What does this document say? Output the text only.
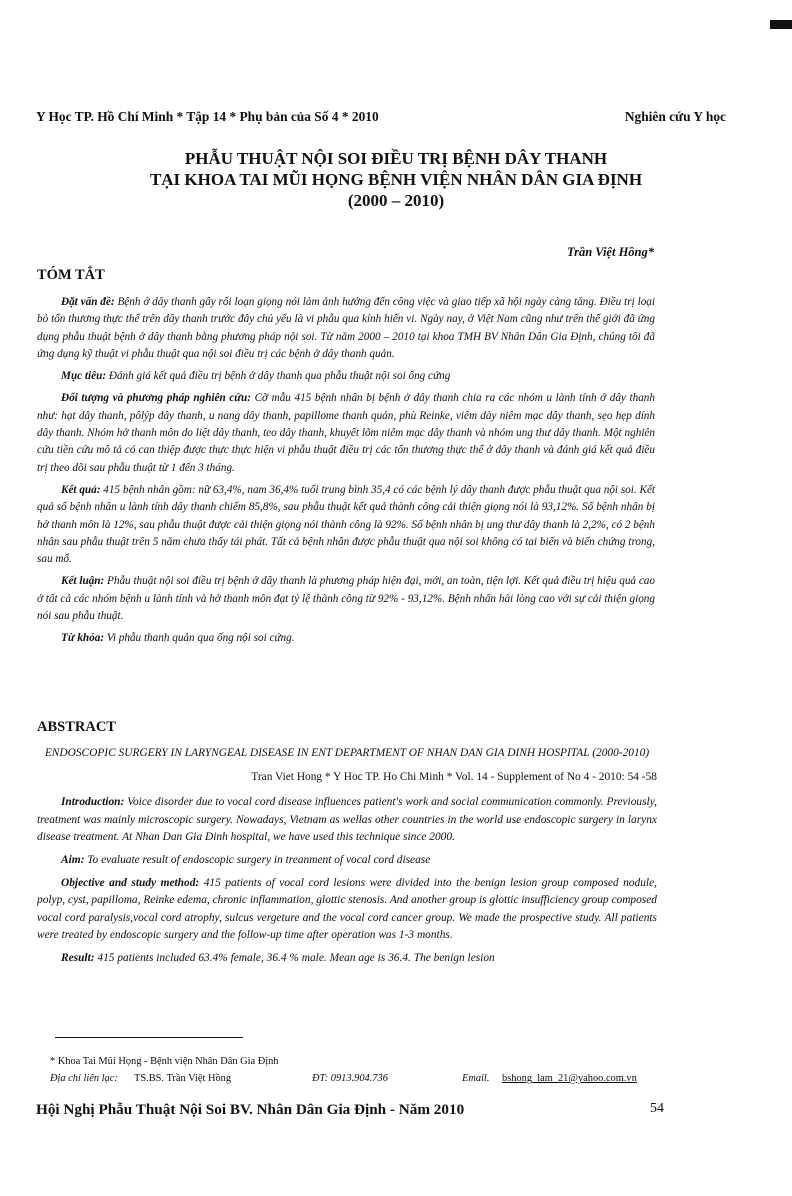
Y Học TP. Hồ Chí Minh * Tập 14 * Phụ bản của Số 4 * 2010	Nghiên cứu Y học
PHẪU THUẬT NỘI SOI ĐIỀU TRỊ BỆNH DÂY THANH
TẠI KHOA TAI MŨI HỌNG BỆNH VIỆN NHÂN DÂN GIA ĐỊNH
(2000 – 2010)
Trần Việt Hồng*
TÓM TẮT

Đặt vấn đề: Bệnh ở dây thanh gây rối loạn giọng nói làm ảnh hưởng đến công việc và giao tiếp xã hội ngày càng tăng. Điều trị loại bỏ tổn thương thực thể trên dây thanh trước đây chủ yếu là vi phẫu qua kính hiển vi. Ngày nay, ở Việt Nam cũng như trên thế giới đã ứng dụng phẫu thuật bệnh ở dây thanh bằng phương pháp nội soi. Từ năm 2000 – 2010 tại khoa TMH BV Nhân Dân Gia Định, chúng tôi đã ứng dụng kỹ thuật vi phẫu thuật qua nội soi điều trị các bệnh ở dây thanh quản.

Mục tiêu: Đánh giá kết quả điều trị bệnh ở dây thanh qua phẫu thuật nội soi ống cứng

Đối tượng và phương pháp nghiên cứu: Cỡ mẫu 415 bệnh nhân bị bệnh ở dây thanh chia ra các nhóm u lành tính ở dây thanh như: hạt dây thanh, pôlýp dây thanh, u nang dây thanh, papillome thanh quản, phù Reinke, viêm dày niêm mạc dây thanh, sẹo hẹp dính dây thanh. Nhóm hở thanh môn do liệt dây thanh, teo dây thanh, khuyết lõm niêm mạc dây thanh và nhóm ung thư dây thanh. Một nghiên cứu tiền cứu mô tả có can thiệp được thực thực hiện vi phẫu thuật điều trị các tổn thương thực thể ở dây thanh và đánh giá kết quả điều trị theo dõi sau phẫu thuật từ 1 đến 3 tháng.

Kết quả: 415 bệnh nhân gồm: nữ 63,4%, nam 36,4% tuổi trung bình 35,4 có các bệnh lý dây thanh được phẫu thuật qua nội soi. Kết quả số bệnh nhân u lành tính dây thanh chiếm 85,8%, sau phẫu thuật kết quả thành công cải thiện giọng nói là 93,12%. Số bệnh nhân bị hở thanh môn là 12%, sau phẫu thuật được cải thiện giọng nói thành công là 92%. Số bệnh nhân bị ung thư dây thanh là 2,2%, có 2 bệnh nhân sau phẫu thuật trên 5 năm chưa thấy tái phát. Tất cả bệnh nhân được phẫu thuật qua nội soi không có tai biến và biến chứng trong, sau mổ.

Kết luận: Phẫu thuật nội soi điều trị bệnh ở dây thanh là phương pháp hiện đại, mới, an toàn, tiện lợi. Kết quả điều trị hiệu quả cao ở tất cả các nhóm bệnh u lành tính và hở thanh môn đạt tỷ lệ thành công từ 92% - 93,12%. Bệnh nhân hài lòng cao với sự cải thiện giọng nói sau phẫu thuật.

Từ khóa: Vi phẫu thanh quản qua ống nội soi cứng.

ABSTRACT

ENDOSCOPIC SURGERY IN LARYNGEAL DISEASE IN ENT DEPARTMENT OF NHAN DAN GIA DINH HOSPITAL (2000-2010)

Tran Viet Hong * Y Hoc TP. Ho Chi Minh * Vol. 14 - Supplement of No 4 - 2010: 54 -58

Introduction: Voice disorder due to vocal cord disease influences patient's work and social communication commonly. Previously, treatment was mainly microscopic surgery. Nowadays, Vietnam as wellas other countries in the world use endoscopic surgery in larynx disease treatment. At Nhan Dan Gia Dinh hospital, we have used this technique since 2000.

Aim: To evaluate result of endoscopic surgery in treanment of vocal cord disease

Objective and study method: 415 patients of vocal cord lesions were divided into the benign lesion group composed nodule, polyp, cyst, papilloma, Reinke edema, chronic inflammation, glottic stenosis. And another group is glottic insufficiency group composed vocal cord paralysis,vocal cord atrophy, sulcus vergeture and the vocal cord cancer group. We made the prospective study. All patients were treated by endoscopic surgery and the follow-up time after operation was 1-3 months.

Result: 415 patients included 63.4% female, 36.4 % male. Mean age is 36.4. The benign lesion

* Khoa Tai Mũi Họng - Bệnh viện Nhân Dân Gia Định
Địa chỉ liên lạc: TS.BS. Trần Việt Hồng	ĐT: 0913.904.736	Email. bshong_lam_21@yahoo.com.vn
Hội Nghị Phẫu Thuật Nội Soi BV. Nhân Dân Gia Định - Năm 2010	54
